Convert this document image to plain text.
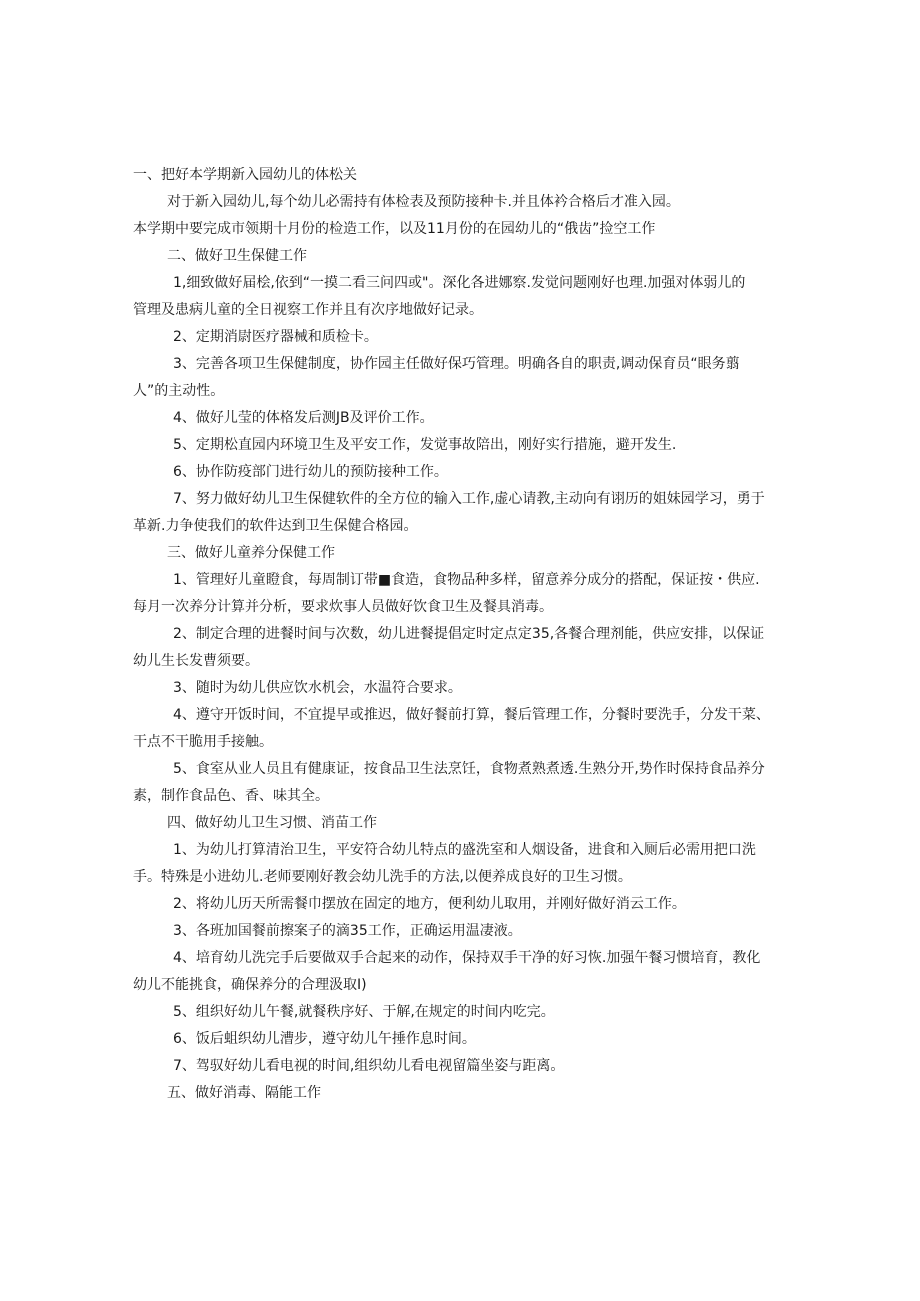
一、把好本学期新入园幼儿的体松关

对于新入园幼儿,每个幼儿必需持有体检表及预防接种卡.并且体衿合格后才准入园。

本学期中要完成市领期十月份的检造工作，以及11月份的在园幼儿的“俄齿”捡空工作

二、做好卫生保健工作

1,细致做好届桧,依到“一摸二看三问四或"。深化各进娜察.发觉问题刚好也理.加强对体弱儿的

管理及患病儿童的全日视察工作并且有次序地做好记录。

2、定期消尉医疗器械和质检卡。

3、完善各项卫生保健制度，协作园主任做好保巧管理。明确各自的职责,调动保育员“眼务翦

人”的主动性。

4、做好儿莹的体格发后测JB及评价工作。

5、定期松直园内环境卫生及平安工作，发觉事故陪出，刚好实行措施，避开发生.

6、协作防疫部门进行幼儿的预防接种工作。

7、努力做好幼儿卫生保健软件的全方位的输入工作,虚心请教,主动向有诩历的姐妹园学习，勇于

革新.力争使我们的软件达到卫生保健合格园。

三、做好儿童养分保健工作

1、管理好儿童瞪食，每周制订带■食造，食物品种多样，留意养分成分的搭配，保证按・供应.

每月一次养分计算并分析，要求炊事人员做好饮食卫生及餐具消毒。

2、制定合理的进餐时间与次数，幼儿进餐提倡定时定点定35,各餐合理剂能，供应安排，以保证

幼儿生长发曹须要。

3、随时为幼儿供应饮水机会，水温符合要求。

4、遵守开饭时间，不宜提早或推迟，做好餐前打算，餐后管理工作，分餐时要洗手，分发干菜、

干点不干脆用手接触。

5、食室从业人员且有健康证，按食品卫生法烹饪，食物煮熟煮透.生熟分开,势作时保持食品养分

素，制作食品色、香、味其全。

四、做好幼儿卫生习惯、消苗工作

1、为幼儿打算清治卫生，平安符合幼儿特点的盛洗室和人烟设备，进食和入厕后必需用把口洗

手。特殊是小进幼儿.老师要刚好教会幼儿洗手的方法,以便养成良好的卫生习惯。

2、将幼儿历天所需餐巾摆放在固定的地方，便利幼儿取用，并刚好做好消云工作。

3、各班加国餐前擦案子的滴35工作，正确运用温凄液。

4、培育幼儿洗完手后要做双手合起来的动作，保持双手干净的好习恢.加强午餐习惯培育，教化

幼儿不能挑食，确保养分的合理汲取I)

5、组织好幼儿午餐,就餐秩序好、于解,在规定的时间内吃完。

6、饭后蛆织幼儿漕步，遵守幼儿午捶作息时间。

7、驾驭好幼儿看电视的时间,组织幼儿看电视留篇坐姿与距离。

五、做好消毒、隔能工作
